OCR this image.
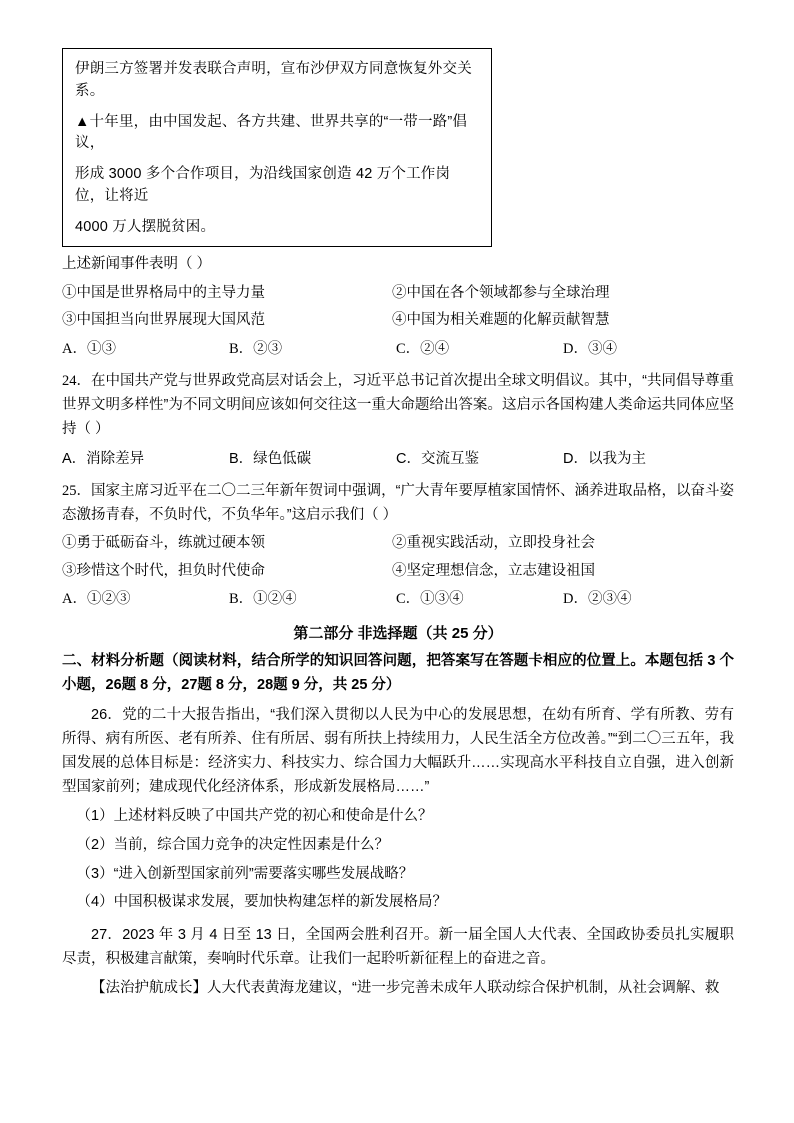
伊朗三方签署并发表联合声明，宣布沙伊双方同意恢复外交关系。

▲十年里，由中国发起、各方共建、世界共享的“一带一路”倡议，

形成 3000 多个合作项目，为沿线国家创造 42 万个工作岗位，让将近

4000 万人摆脱贫困。

上述新闻事件表明（ ）

①中国是世界格局中的主导力量	②中国在各个领域都参与全球治理
③中国担当向世界展现大国风范	④中国为相关难题的化解贡献智慧
A．①③	B．②③	C．②④	D．③④

24．在中国共产党与世界政党高层对话会上，习近平总书记首次提出全球文明倡议。其中，“共同倡导尊重世界文明多样性”为不同文明间应该如何交往这一重大命题给出答案。这启示各国构建人类命运共同体应坚持（ ）

A．消除差异	B．绿色低碳	C．交流互鉴	D．以我为主

25．国家主席习近平在二〇二三年新年贺词中强调，“广大青年要厚植家国情怀、涵养进取品格，以奋斗姿态激扬青春，不负时代，不负华年。”这启示我们（ ）

①勇于砥砺奋斗，练就过硬本领	②重视实践活动，立即投身社会
③珍惜这个时代，担负时代使命	④坚定理想信念，立志建设祖国
A．①②③	B．①②④	C．①③④	D．②③④
第二部分 非选择题（共 25 分）

二、材料分析题（阅读材料，结合所学的知识回答问题，把答案写在答题卡相应的位置上。本题包括 3 个小题，26题 8 分，27题 8 分，28题 9 分，共 25 分）

26．党的二十大报告指出，“我们深入贯彻以人民为中心的发展思想，在幼有所育、学有所教、劳有所得、病有所医、老有所养、住有所居、弱有所扶上持续用力，人民生活全方位改善。”“到二〇三五年，我国发展的总体目标是：经济实力、科技实力、综合国力大幅跃升……实现高水平科技自立自强，进入创新型国家前列；建成现代化经济体系，形成新发展格局……”

（1）上述材料反映了中国共产党的初心和使命是什么？

（2）当前，综合国力竞争的决定性因素是什么？

（3）“进入创新型国家前列”需要落实哪些发展战略？

（4）中国积极谋求发展，要加快构建怎样的新发展格局？

27．2023 年 3 月 4 日至 13 日，全国两会胜利召开。新一届全国人大代表、全国政协委员扎实履职尽责，积极建言献策，奏响时代乐章。让我们一起聆听新征程上的奋进之音。

【法治护航成长】人大代表黄海龙建议，“进一步完善未成年人联动综合保护机制，从社会调解、救
